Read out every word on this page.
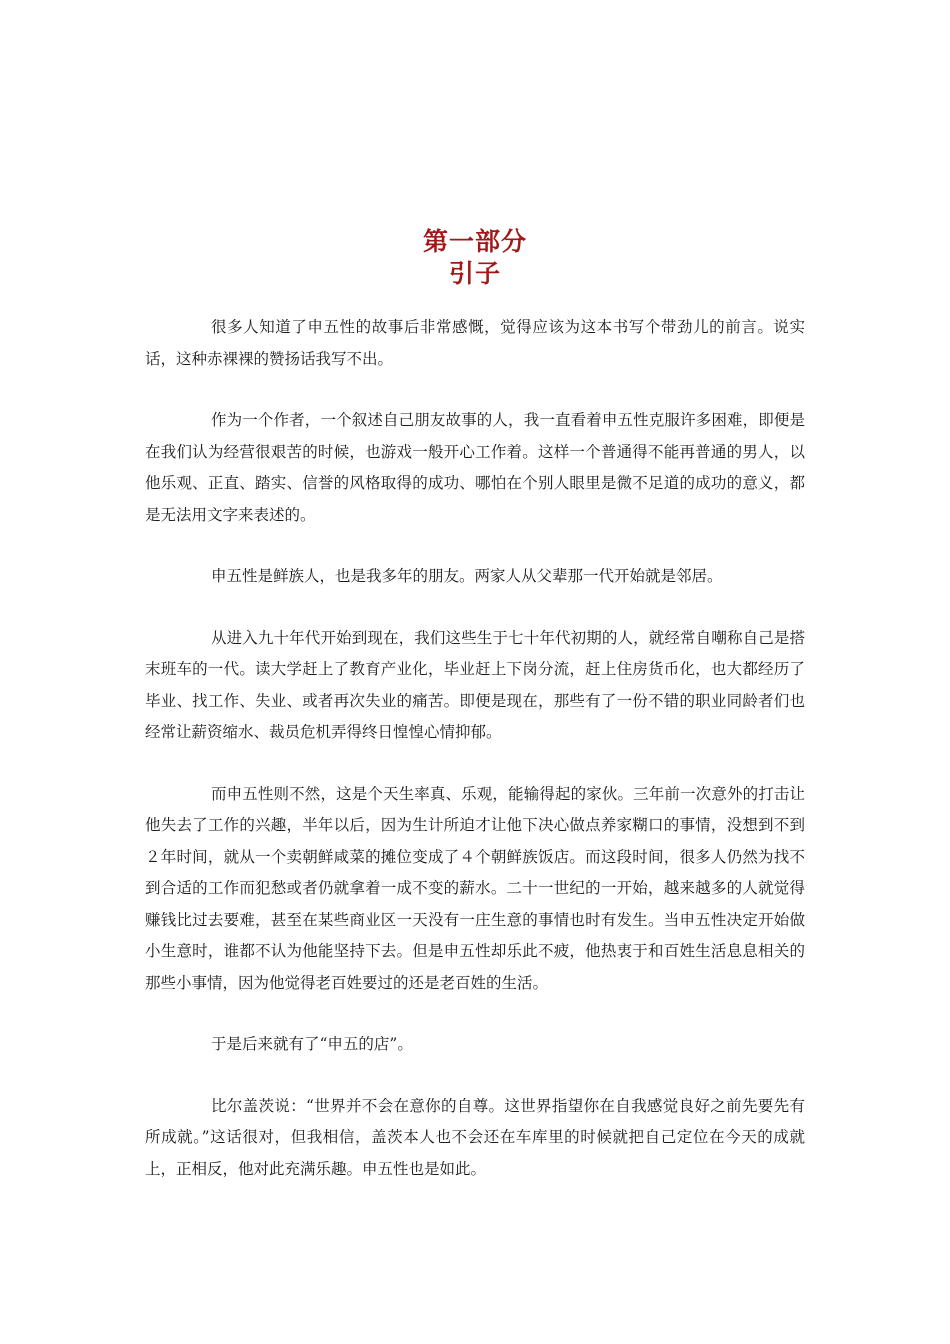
第一部分
引子

很多人知道了申五性的故事后非常感慨，觉得应该为这本书写个带劲儿的前言。说实话，这种赤裸裸的赞扬话我写不出。

作为一个作者，一个叙述自己朋友故事的人，我一直看着申五性克服许多困难，即便是在我们认为经营很艰苦的时候，也游戏一般开心工作着。这样一个普通得不能再普通的男人，以他乐观、正直、踏实、信誉的风格取得的成功、哪怕在个别人眼里是微不足道的成功的意义，都是无法用文字来表述的。

申五性是鲜族人，也是我多年的朋友。两家人从父辈那一代开始就是邻居。

从进入九十年代开始到现在，我们这些生于七十年代初期的人，就经常自嘲称自己是搭末班车的一代。读大学赶上了教育产业化，毕业赶上下岗分流，赶上住房货币化，也大都经历了毕业、找工作、失业、或者再次失业的痛苦。即便是现在，那些有了一份不错的职业同龄者们也经常让薪资缩水、裁员危机弄得终日惶惶心情抑郁。

而申五性则不然，这是个天生率真、乐观，能输得起的家伙。三年前一次意外的打击让他失去了工作的兴趣，半年以后，因为生计所迫才让他下决心做点养家糊口的事情，没想到不到２年时间，就从一个卖朝鲜咸菜的摊位变成了４个朝鲜族饭店。而这段时间，很多人仍然为找不到合适的工作而犯愁或者仍就拿着一成不变的薪水。二十一世纪的一开始，越来越多的人就觉得赚钱比过去要难，甚至在某些商业区一天没有一庄生意的事情也时有发生。当申五性决定开始做小生意时，谁都不认为他能坚持下去。但是申五性却乐此不疲，他热衷于和百姓生活息息相关的那些小事情，因为他觉得老百姓要过的还是老百姓的生活。

于是后来就有了“申五的店”。

比尔盖茨说：“世界并不会在意你的自尊。这世界指望你在自我感觉良好之前先要先有所成就。”这话很对，但我相信，盖茨本人也不会还在车库里的时候就把自己定位在今天的成就上，正相反，他对此充满乐趣。申五性也是如此。
